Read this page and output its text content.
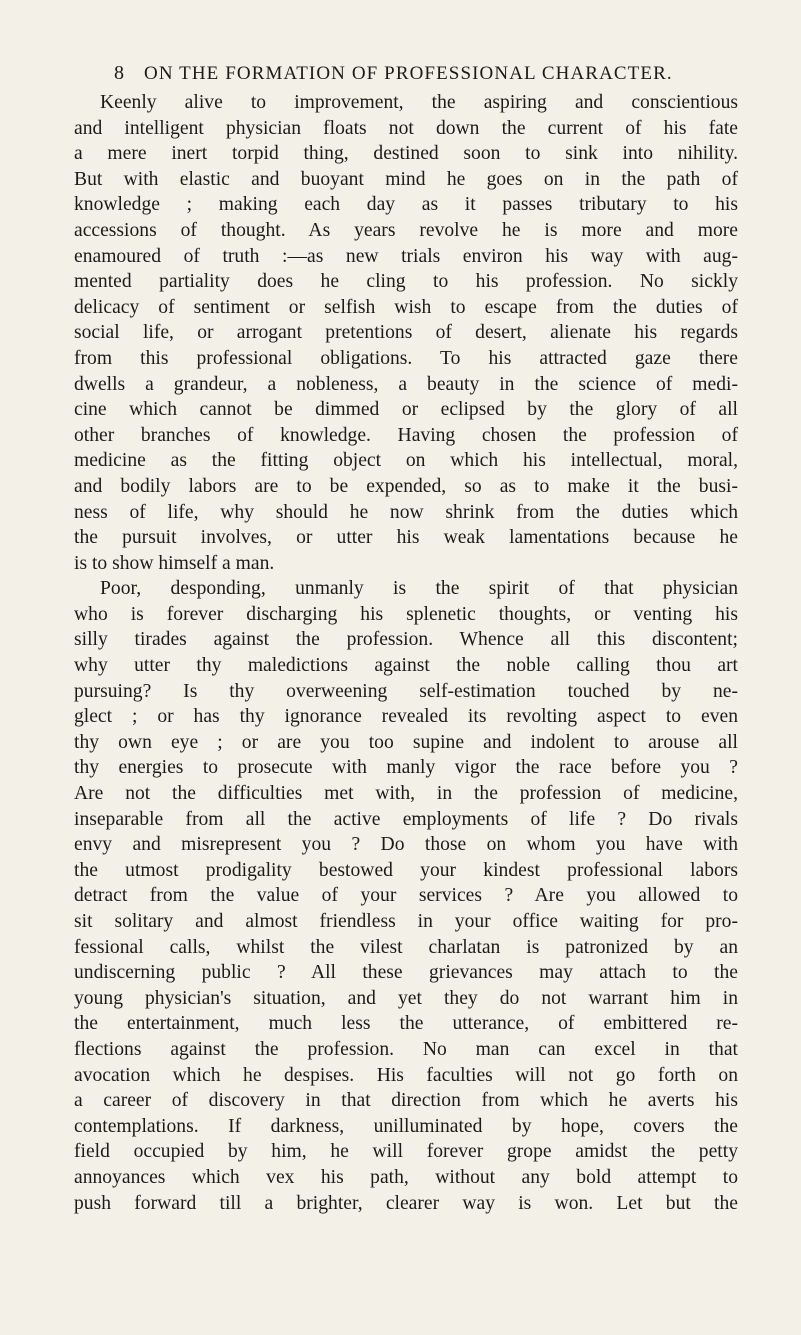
8 ON THE FORMATION OF PROFESSIONAL CHARACTER.
Keenly alive to improvement, the aspiring and conscientious
and intelligent physician floats not down the current of his fate
a mere inert torpid thing, destined soon to sink into nihility.
But with elastic and buoyant mind he goes on in the path of
knowledge ; making each day as it passes tributary to his
accessions of thought. As years revolve he is more and more
enamoured of truth :—as new trials environ his way with aug-
mented partiality does he cling to his profession. No sickly
delicacy of sentiment or selfish wish to escape from the duties of
social life, or arrogant pretentions of desert, alienate his regards
from this professional obligations. To his attracted gaze there
dwells a grandeur, a nobleness, a beauty in the science of medi-
cine which cannot be dimmed or eclipsed by the glory of all
other branches of knowledge. Having chosen the profession of
medicine as the fitting object on which his intellectual, moral,
and bodily labors are to be expended, so as to make it the busi-
ness of life, why should he now shrink from the duties which
the pursuit involves, or utter his weak lamentations because he
is to show himself a man.
Poor, desponding, unmanly is the spirit of that physician
who is forever discharging his splenetic thoughts, or venting his
silly tirades against the profession. Whence all this discontent;
why utter thy maledictions against the noble calling thou art
pursuing? Is thy overweening self-estimation touched by ne-
glect ; or has thy ignorance revealed its revolting aspect to even
thy own eye ; or are you too supine and indolent to arouse all
thy energies to prosecute with manly vigor the race before you ?
Are not the difficulties met with, in the profession of medicine,
inseparable from all the active employments of life ? Do rivals
envy and misrepresent you ? Do those on whom you have with
the utmost prodigality bestowed your kindest professional labors
detract from the value of your services ? Are you allowed to
sit solitary and almost friendless in your office waiting for pro-
fessional calls, whilst the vilest charlatan is patronized by an
undiscerning public ? All these grievances may attach to the
young physician's situation, and yet they do not warrant him in
the entertainment, much less the utterance, of embittered re-
flections against the profession. No man can excel in that
avocation which he despises. His faculties will not go forth on
a career of discovery in that direction from which he averts his
contemplations. If darkness, unilluminated by hope, covers the
field occupied by him, he will forever grope amidst the petty
annoyances which vex his path, without any bold attempt to
push forward till a brighter, clearer way is won. Let but the
